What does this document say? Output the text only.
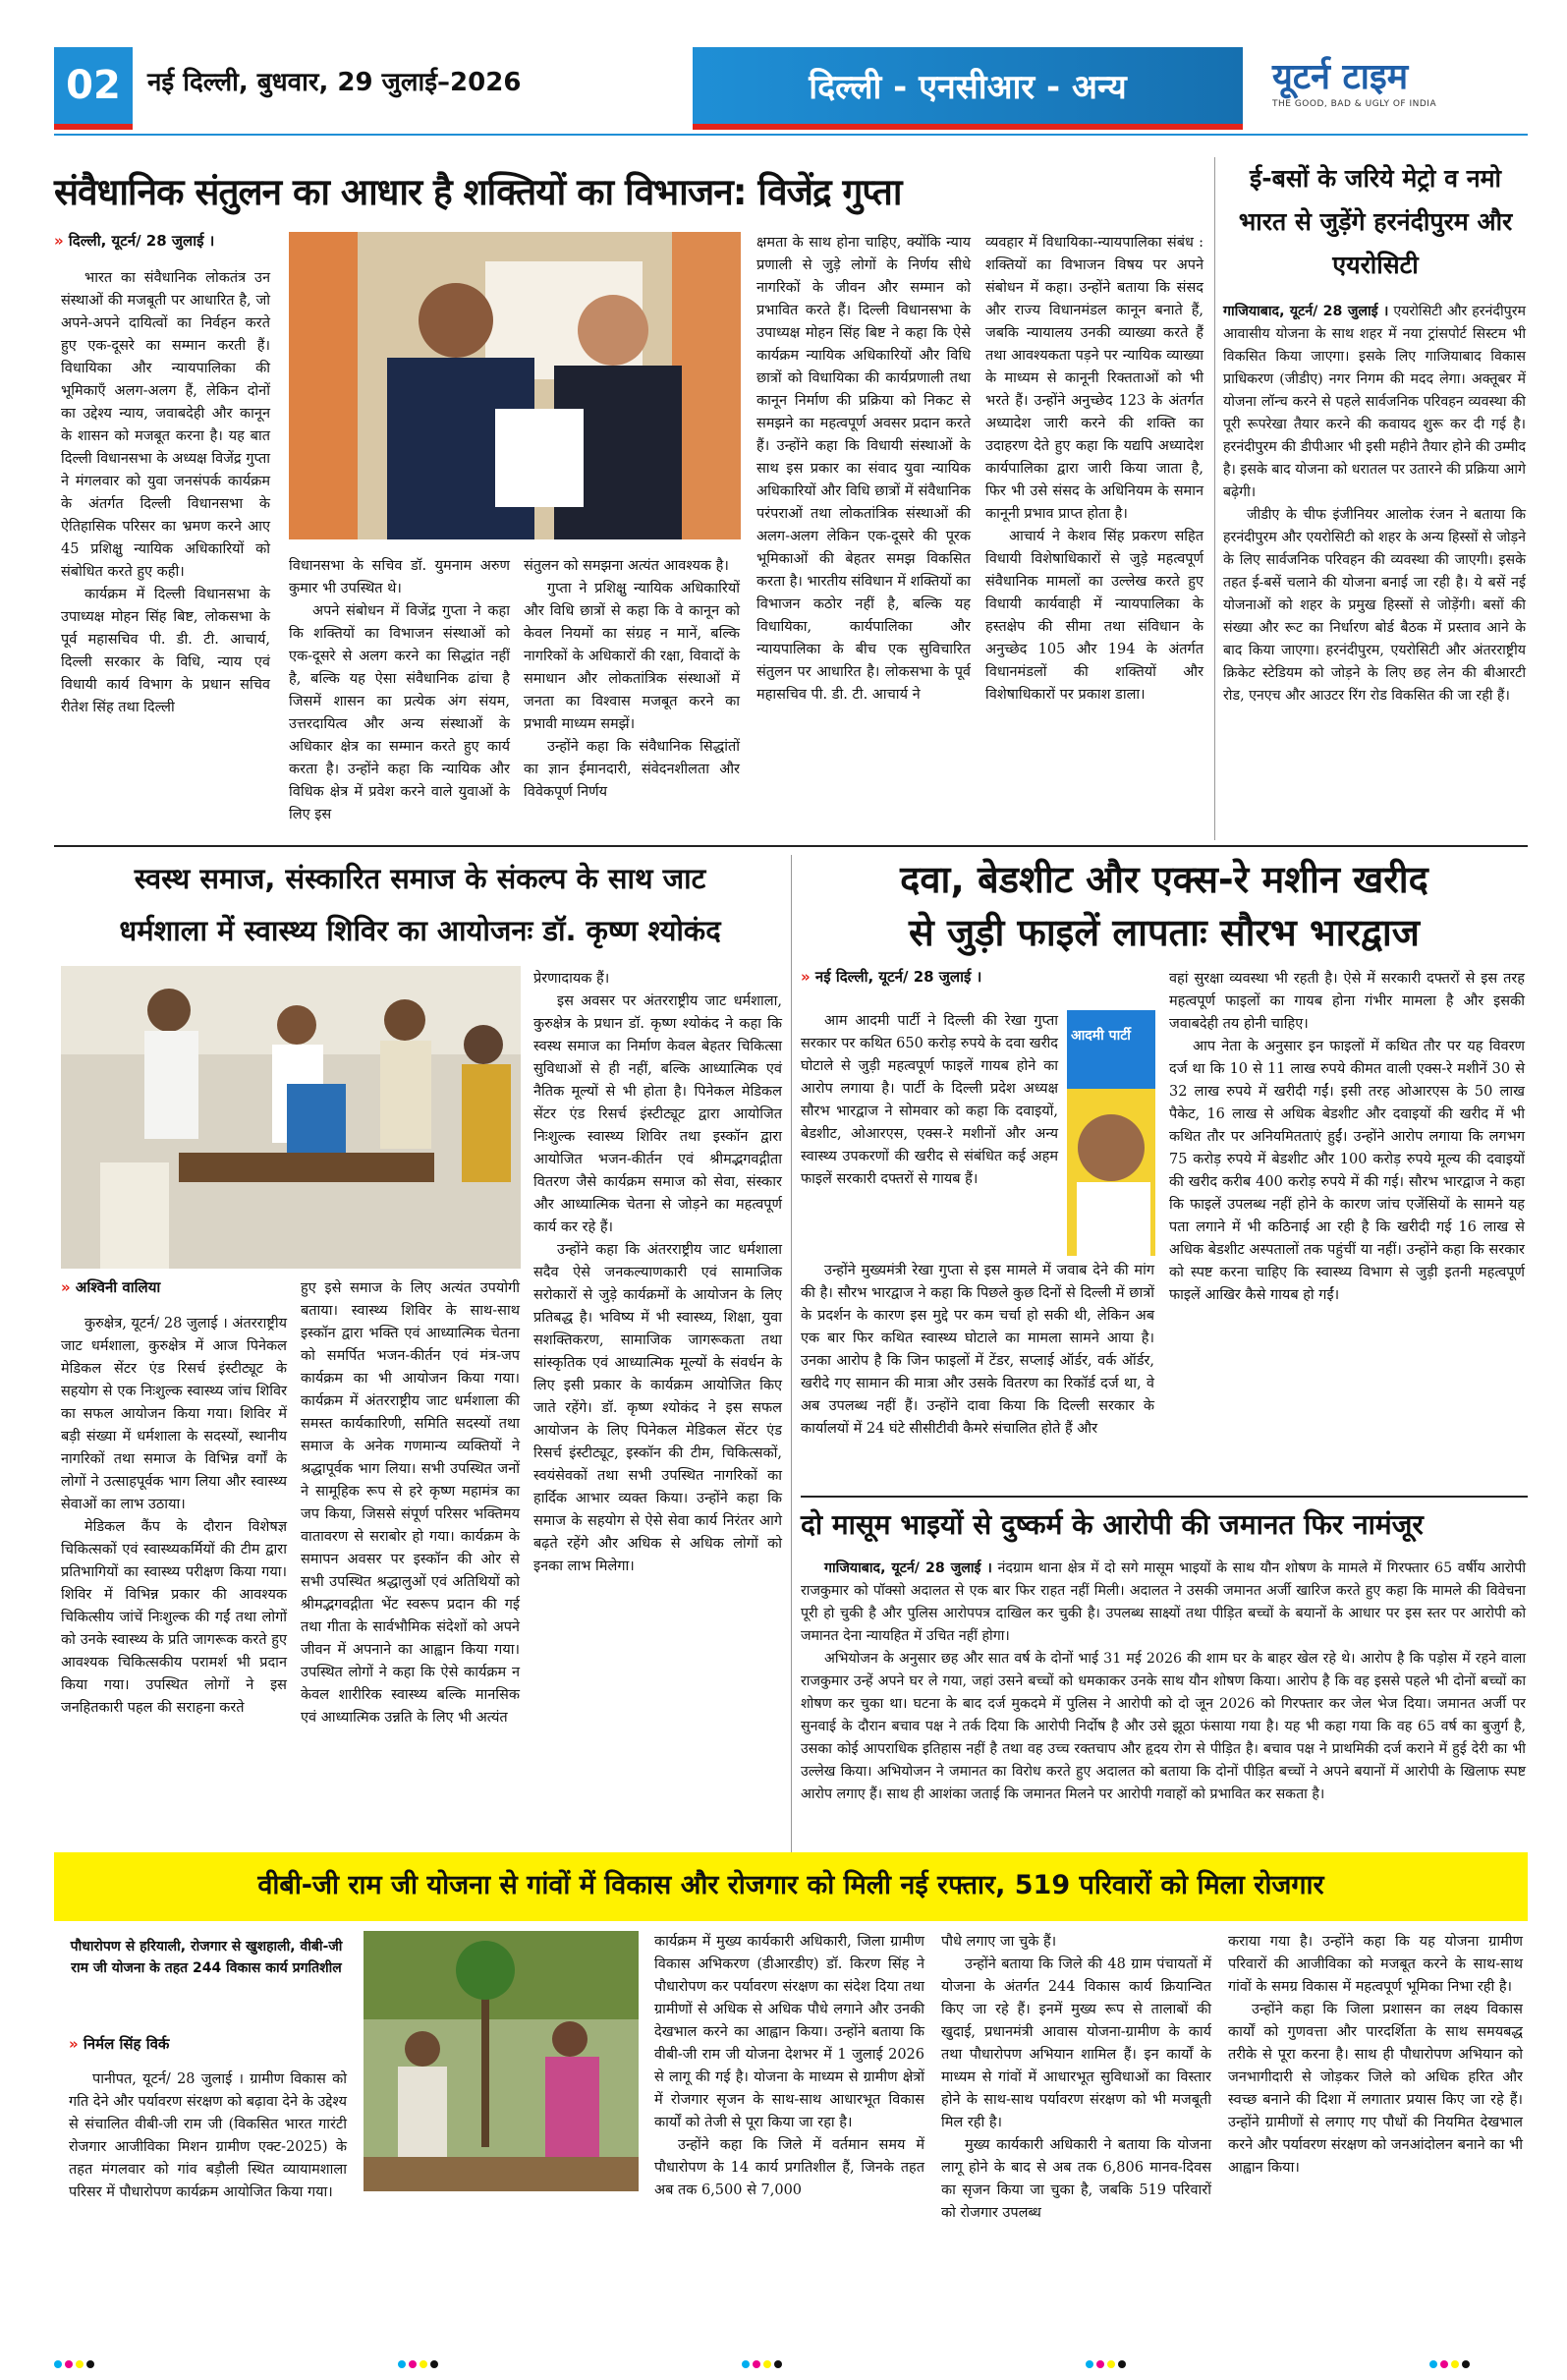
02	नई दिल्ली, बुधवार, 29 जुलाई–2026	दिल्ली - एनसीआर - अन्य	यूटर्न टाइम
THE GOOD, BAD & UGLY OF INDIA
संवैधानिक संतुलन का आधार है शक्तियों का विभाजन: विजेंद्र गुप्ता
» दिल्ली, यूटर्न/ 28 जुलाई ।

भारत का संवैधानिक लोकतंत्र उन संस्थाओं की मजबूती पर आधारित है, जो अपने-अपने दायित्वों का निर्वहन करते हुए एक-दूसरे का सम्मान करती हैं। विधायिका और न्यायपालिका की भूमिकाएँ अलग-अलग हैं, लेकिन दोनों का उद्देश्य न्याय, जवाबदेही और कानून के शासन को मजबूत करना है। यह बात दिल्ली विधानसभा के अध्यक्ष विजेंद्र गुप्ता ने मंगलवार को युवा जनसंपर्क कार्यक्रम के अंतर्गत दिल्ली विधानसभा के ऐतिहासिक परिसर का भ्रमण करने आए 45 प्रशिक्षु न्यायिक अधिकारियों को संबोधित करते हुए कही।

कार्यक्रम में दिल्ली विधानसभा के उपाध्यक्ष मोहन सिंह बिष्ट, लोकसभा के पूर्व महासचिव पी. डी. टी. आचार्य, दिल्ली सरकार के विधि, न्याय एवं विधायी कार्य विभाग के प्रधान सचिव रीतेश सिंह तथा दिल्ली

विधानसभा के सचिव डॉ. युमनाम अरुण कुमार भी उपस्थित थे।

अपने संबोधन में विजेंद्र गुप्ता ने कहा कि शक्तियों का विभाजन संस्थाओं को एक-दूसरे से अलग करने का सिद्धांत नहीं है, बल्कि यह ऐसा संवैधानिक ढांचा है जिसमें शासन का प्रत्येक अंग संयम, उत्तरदायित्व और अन्य संस्थाओं के अधिकार क्षेत्र का सम्मान करते हुए कार्य करता है। उन्होंने कहा कि न्यायिक और विधिक क्षेत्र में प्रवेश करने वाले युवाओं के लिए इस

संतुलन को समझना अत्यंत आवश्यक है।

गुप्ता ने प्रशिक्षु न्यायिक अधिकारियों और विधि छात्रों से कहा कि वे कानून को केवल नियमों का संग्रह न मानें, बल्कि नागरिकों के अधिकारों की रक्षा, विवादों के समाधान और लोकतांत्रिक संस्थाओं में जनता का विश्वास मजबूत करने का प्रभावी माध्यम समझें।

उन्होंने कहा कि संवैधानिक सिद्धांतों का ज्ञान ईमानदारी, संवेदनशीलता और विवेकपूर्ण निर्णय

क्षमता के साथ होना चाहिए, क्योंकि न्याय प्रणाली से जुड़े लोगों के निर्णय सीधे नागरिकों के जीवन और सम्मान को प्रभावित करते हैं। दिल्ली विधानसभा के उपाध्यक्ष मोहन सिंह बिष्ट ने कहा कि ऐसे कार्यक्रम न्यायिक अधिकारियों और विधि छात्रों को विधायिका की कार्यप्रणाली तथा कानून निर्माण की प्रक्रिया को निकट से समझने का महत्वपूर्ण अवसर प्रदान करते हैं। उन्होंने कहा कि विधायी संस्थाओं के साथ इस प्रकार का संवाद युवा न्यायिक अधिकारियों और विधि छात्रों में संवैधानिक परंपराओं तथा लोकतांत्रिक संस्थाओं की अलग-अलग लेकिन एक-दूसरे की पूरक भूमिकाओं की बेहतर समझ विकसित करता है। भारतीय संविधान में शक्तियों का विभाजन कठोर नहीं है, बल्कि यह विधायिका, कार्यपालिका और न्यायपालिका के बीच एक सुविचारित संतुलन पर आधारित है। लोकसभा के पूर्व महासचिव पी. डी. टी. आचार्य ने

व्यवहार में विधायिका-न्यायपालिका संबंध : शक्तियों का विभाजन विषय पर अपने संबोधन में कहा। उन्होंने बताया कि संसद और राज्य विधानमंडल कानून बनाते हैं, जबकि न्यायालय उनकी व्याख्या करते हैं तथा आवश्यकता पड़ने पर न्यायिक व्याख्या के माध्यम से कानूनी रिक्तताओं को भी भरते हैं। उन्होंने अनुच्छेद 123 के अंतर्गत अध्यादेश जारी करने की शक्ति का उदाहरण देते हुए कहा कि यद्यपि अध्यादेश कार्यपालिका द्वारा जारी किया जाता है, फिर भी उसे संसद के अधिनियम के समान कानूनी प्रभाव प्राप्त होता है।

आचार्य ने केशव सिंह प्रकरण सहित विधायी विशेषाधिकारों से जुड़े महत्वपूर्ण संवैधानिक मामलों का उल्लेख करते हुए विधायी कार्यवाही में न्यायपालिका के हस्तक्षेप की सीमा तथा संविधान के अनुच्छेद 105 और 194 के अंतर्गत विधानमंडलों की शक्तियों और विशेषाधिकारों पर प्रकाश डाला।

ई-बसों के जरिये मेट्रो व नमो भारत से जुड़ेंगे हरनंदीपुरम और एयरोसिटी

गाजियाबाद, यूटर्न/ 28 जुलाई । एयरोसिटी और हरनंदीपुरम आवासीय योजना के साथ शहर में नया ट्रांसपोर्ट सिस्टम भी विकसित किया जाएगा। इसके लिए गाजियाबाद विकास प्राधिकरण (जीडीए) नगर निगम की मदद लेगा। अक्तूबर में योजना लॉन्च करने से पहले सार्वजनिक परिवहन व्यवस्था की पूरी रूपरेखा तैयार करने की कवायद शुरू कर दी गई है। हरनंदीपुरम की डीपीआर भी इसी महीने तैयार होने की उम्मीद है। इसके बाद योजना को धरातल पर उतारने की प्रक्रिया आगे बढ़ेगी।

जीडीए के चीफ इंजीनियर आलोक रंजन ने बताया कि हरनंदीपुरम और एयरोसिटी को शहर के अन्य हिस्सों से जोड़ने के लिए सार्वजनिक परिवहन की व्यवस्था की जाएगी। इसके तहत ई-बसें चलाने की योजना बनाई जा रही है। ये बसें नई योजनाओं को शहर के प्रमुख हिस्सों से जोड़ेंगी। बसों की संख्या और रूट का निर्धारण बोर्ड बैठक में प्रस्ताव आने के बाद किया जाएगा। हरनंदीपुरम, एयरोसिटी और अंतरराष्ट्रीय क्रिकेट स्टेडियम को जोड़ने के लिए छह लेन की बीआरटी रोड, एनएच और आउटर रिंग रोड विकसित की जा रही हैं।

स्वस्थ समाज, संस्कारित समाज के संकल्प के साथ जाट
धर्मशाला में स्वास्थ्य शिविर का आयोजनः डॉ. कृष्ण श्योकंद
» अश्विनी वालिया

कुरुक्षेत्र, यूटर्न/ 28 जुलाई । अंतरराष्ट्रीय जाट धर्मशाला, कुरुक्षेत्र में आज पिनेकल मेडिकल सेंटर एंड रिसर्च इंस्टीट्यूट के सहयोग से एक निःशुल्क स्वास्थ्य जांच शिविर का सफल आयोजन किया गया। शिविर में बड़ी संख्या में धर्मशाला के सदस्यों, स्थानीय नागरिकों तथा समाज के विभिन्न वर्गों के लोगों ने उत्साहपूर्वक भाग लिया और स्वास्थ्य सेवाओं का लाभ उठाया।

मेडिकल कैंप के दौरान विशेषज्ञ चिकित्सकों एवं स्वास्थ्यकर्मियों की टीम द्वारा प्रतिभागियों का स्वास्थ्य परीक्षण किया गया। शिविर में विभिन्न प्रकार की आवश्यक चिकित्सीय जांचें निःशुल्क की गईं तथा लोगों को उनके स्वास्थ्य के प्रति जागरूक करते हुए आवश्यक चिकित्सकीय परामर्श भी प्रदान किया गया। उपस्थित लोगों ने इस जनहितकारी पहल की सराहना करते

हुए इसे समाज के लिए अत्यंत उपयोगी बताया। स्वास्थ्य शिविर के साथ-साथ इस्कॉन द्वारा भक्ति एवं आध्यात्मिक चेतना को समर्पित भजन-कीर्तन एवं मंत्र-जप कार्यक्रम का भी आयोजन किया गया। कार्यक्रम में अंतरराष्ट्रीय जाट धर्मशाला की समस्त कार्यकारिणी, समिति सदस्यों तथा समाज के अनेक गणमान्य व्यक्तियों ने श्रद्धापूर्वक भाग लिया। सभी उपस्थित जनों ने सामूहिक रूप से हरे कृष्ण महामंत्र का जप किया, जिससे संपूर्ण परिसर भक्तिमय वातावरण से सराबोर हो गया। कार्यक्रम के समापन अवसर पर इस्कॉन की ओर से सभी उपस्थित श्रद्धालुओं एवं अतिथियों को श्रीमद्भगवद्गीता भेंट स्वरूप प्रदान की गई तथा गीता के सार्वभौमिक संदेशों को अपने जीवन में अपनाने का आह्वान किया गया। उपस्थित लोगों ने कहा कि ऐसे कार्यक्रम न केवल शारीरिक स्वास्थ्य बल्कि मानसिक एवं आध्यात्मिक उन्नति के लिए भी अत्यंत

प्रेरणादायक हैं।

इस अवसर पर अंतरराष्ट्रीय जाट धर्मशाला, कुरुक्षेत्र के प्रधान डॉ. कृष्ण श्योकंद ने कहा कि स्वस्थ समाज का निर्माण केवल बेहतर चिकित्सा सुविधाओं से ही नहीं, बल्कि आध्यात्मिक एवं नैतिक मूल्यों से भी होता है। पिनेकल मेडिकल सेंटर एंड रिसर्च इंस्टीट्यूट द्वारा आयोजित निःशुल्क स्वास्थ्य शिविर तथा इस्कॉन द्वारा आयोजित भजन-कीर्तन एवं श्रीमद्भगवद्गीता वितरण जैसे कार्यक्रम समाज को सेवा, संस्कार और आध्यात्मिक चेतना से जोड़ने का महत्वपूर्ण कार्य कर रहे हैं।

उन्होंने कहा कि अंतरराष्ट्रीय जाट धर्मशाला सदैव ऐसे जनकल्याणकारी एवं सामाजिक सरोकारों से जुड़े कार्यक्रमों के आयोजन के लिए प्रतिबद्ध है। भविष्य में भी स्वास्थ्य, शिक्षा, युवा सशक्तिकरण, सामाजिक जागरूकता तथा सांस्कृतिक एवं आध्यात्मिक मूल्यों के संवर्धन के लिए इसी प्रकार के कार्यक्रम आयोजित किए जाते रहेंगे। डॉ. कृष्ण श्योकंद ने इस सफल आयोजन के लिए पिनेकल मेडिकल सेंटर एंड रिसर्च इंस्टीट्यूट, इस्कॉन की टीम, चिकित्सकों, स्वयंसेवकों तथा सभी उपस्थित नागरिकों का हार्दिक आभार व्यक्त किया। उन्होंने कहा कि समाज के सहयोग से ऐसे सेवा कार्य निरंतर आगे बढ़ते रहेंगे और अधिक से अधिक लोगों को इनका लाभ मिलेगा।

दवा, बेडशीट और एक्स-रे मशीन खरीद
से जुड़ी फाइलें लापताः सौरभ भारद्वाज
» नई दिल्ली, यूटर्न/ 28 जुलाई ।

आम आदमी पार्टी ने दिल्ली की रेखा गुप्ता सरकार पर कथित 650 करोड़ रुपये के दवा खरीद घोटाले से जुड़ी महत्वपूर्ण फाइलें गायब होने का आरोप लगाया है। पार्टी के दिल्ली प्रदेश अध्यक्ष सौरभ भारद्वाज ने सोमवार को कहा कि दवाइयों, बेडशीट, ओआरएस, एक्स-रे मशीनों और अन्य स्वास्थ्य उपकरणों की खरीद से संबंधित कई अहम फाइलें सरकारी दफ्तरों से गायब हैं।

आदमी पार्टी

उन्होंने मुख्यमंत्री रेखा गुप्ता से इस मामले में जवाब देने की मांग की है। सौरभ भारद्वाज ने कहा कि पिछले कुछ दिनों से दिल्ली में छात्रों के प्रदर्शन के कारण इस मुद्दे पर कम चर्चा हो सकी थी, लेकिन अब एक बार फिर कथित स्वास्थ्य घोटाले का मामला सामने आया है। उनका आरोप है कि जिन फाइलों में टेंडर, सप्लाई ऑर्डर, वर्क ऑर्डर, खरीदे गए सामान की मात्रा और उसके वितरण का रिकॉर्ड दर्ज था, वे अब उपलब्ध नहीं हैं। उन्होंने दावा किया कि दिल्ली सरकार के कार्यालयों में 24 घंटे सीसीटीवी कैमरे संचालित होते हैं और

वहां सुरक्षा व्यवस्था भी रहती है। ऐसे में सरकारी दफ्तरों से इस तरह महत्वपूर्ण फाइलों का गायब होना गंभीर मामला है और इसकी जवाबदेही तय होनी चाहिए।

आप नेता के अनुसार इन फाइलों में कथित तौर पर यह विवरण दर्ज था कि 10 से 11 लाख रुपये कीमत वाली एक्स-रे मशीनें 30 से 32 लाख रुपये में खरीदी गईं। इसी तरह ओआरएस के 50 लाख पैकेट, 16 लाख से अधिक बेडशीट और दवाइयों की खरीद में भी कथित तौर पर अनियमितताएं हुईं। उन्होंने आरोप लगाया कि लगभग 75 करोड़ रुपये में बेडशीट और 100 करोड़ रुपये मूल्य की दवाइयों की खरीद करीब 400 करोड़ रुपये में की गई। सौरभ भारद्वाज ने कहा कि फाइलें उपलब्ध नहीं होने के कारण जांच एजेंसियों के सामने यह पता लगाने में भी कठिनाई आ रही है कि खरीदी गई 16 लाख से अधिक बेडशीट अस्पतालों तक पहुंचीं या नहीं। उन्होंने कहा कि सरकार को स्पष्ट करना चाहिए कि स्वास्थ्य विभाग से जुड़ी इतनी महत्वपूर्ण फाइलें आखिर कैसे गायब हो गईं।

दो मासूम भाइयों से दुष्कर्म के आरोपी की जमानत फिर नामंजूर

गाजियाबाद, यूटर्न/ 28 जुलाई । नंदग्राम थाना क्षेत्र में दो सगे मासूम भाइयों के साथ यौन शोषण के मामले में गिरफ्तार 65 वर्षीय आरोपी राजकुमार को पॉक्सो अदालत से एक बार फिर राहत नहीं मिली। अदालत ने उसकी जमानत अर्जी खारिज करते हुए कहा कि मामले की विवेचना पूरी हो चुकी है और पुलिस आरोपपत्र दाखिल कर चुकी है। उपलब्ध साक्ष्यों तथा पीड़ित बच्चों के बयानों के आधार पर इस स्तर पर आरोपी को जमानत देना न्यायहित में उचित नहीं होगा।

अभियोजन के अनुसार छह और सात वर्ष के दोनों भाई 31 मई 2026 की शाम घर के बाहर खेल रहे थे। आरोप है कि पड़ोस में रहने वाला राजकुमार उन्हें अपने घर ले गया, जहां उसने बच्चों को धमकाकर उनके साथ यौन शोषण किया। आरोप है कि वह इससे पहले भी दोनों बच्चों का शोषण कर चुका था। घटना के बाद दर्ज मुकदमे में पुलिस ने आरोपी को दो जून 2026 को गिरफ्तार कर जेल भेज दिया। जमानत अर्जी पर सुनवाई के दौरान बचाव पक्ष ने तर्क दिया कि आरोपी निर्दोष है और उसे झूठा फंसाया गया है। यह भी कहा गया कि वह 65 वर्ष का बुजुर्ग है, उसका कोई आपराधिक इतिहास नहीं है तथा वह उच्च रक्तचाप और हृदय रोग से पीड़ित है। बचाव पक्ष ने प्राथमिकी दर्ज कराने में हुई देरी का भी उल्लेख किया। अभियोजन ने जमानत का विरोध करते हुए अदालत को बताया कि दोनों पीड़ित बच्चों ने अपने बयानों में आरोपी के खिलाफ स्पष्ट आरोप लगाए हैं। साथ ही आशंका जताई कि जमानत मिलने पर आरोपी गवाहों को प्रभावित कर सकता है।

वीबी-जी राम जी योजना से गांवों में विकास और रोजगार को मिली नई रफ्तार, 519 परिवारों को मिला रोजगार
पौधारोपण से हरियाली, रोजगार से खुशहाली, वीबी-जी राम जी योजना के तहत 244 विकास कार्य प्रगतिशील
» निर्मल सिंह विर्क

पानीपत, यूटर्न/ 28 जुलाई । ग्रामीण विकास को गति देने और पर्यावरण संरक्षण को बढ़ावा देने के उद्देश्य से संचालित वीबी-जी राम जी (विकसित भारत गारंटी रोजगार आजीविका मिशन ग्रामीण एक्ट-2025) के तहत मंगलवार को गांव बड़ौली स्थित व्यायामशाला परिसर में पौधारोपण कार्यक्रम आयोजित किया गया।

कार्यक्रम में मुख्य कार्यकारी अधिकारी, जिला ग्रामीण विकास अभिकरण (डीआरडीए) डॉ. किरण सिंह ने पौधारोपण कर पर्यावरण संरक्षण का संदेश दिया तथा ग्रामीणों से अधिक से अधिक पौधे लगाने और उनकी देखभाल करने का आह्वान किया। उन्होंने बताया कि वीबी-जी राम जी योजना देशभर में 1 जुलाई 2026 से लागू की गई है। योजना के माध्यम से ग्रामीण क्षेत्रों में रोजगार सृजन के साथ-साथ आधारभूत विकास कार्यों को तेजी से पूरा किया जा रहा है।

उन्होंने कहा कि जिले में वर्तमान समय में पौधारोपण के 14 कार्य प्रगतिशील हैं, जिनके तहत अब तक 6,500 से 7,000

पौधे लगाए जा चुके हैं।

उन्होंने बताया कि जिले की 48 ग्राम पंचायतों में योजना के अंतर्गत 244 विकास कार्य क्रियान्वित किए जा रहे हैं। इनमें मुख्य रूप से तालाबों की खुदाई, प्रधानमंत्री आवास योजना-ग्रामीण के कार्य तथा पौधारोपण अभियान शामिल हैं। इन कार्यों के माध्यम से गांवों में आधारभूत सुविधाओं का विस्तार होने के साथ-साथ पर्यावरण संरक्षण को भी मजबूती मिल रही है।

मुख्य कार्यकारी अधिकारी ने बताया कि योजना लागू होने के बाद से अब तक 6,806 मानव-दिवस का सृजन किया जा चुका है, जबकि 519 परिवारों को रोजगार उपलब्ध

कराया गया है। उन्होंने कहा कि यह योजना ग्रामीण परिवारों की आजीविका को मजबूत करने के साथ-साथ गांवों के समग्र विकास में महत्वपूर्ण भूमिका निभा रही है।

उन्होंने कहा कि जिला प्रशासन का लक्ष्य विकास कार्यों को गुणवत्ता और पारदर्शिता के साथ समयबद्ध तरीके से पूरा करना है। साथ ही पौधारोपण अभियान को जनभागीदारी से जोड़कर जिले को अधिक हरित और स्वच्छ बनाने की दिशा में लगातार प्रयास किए जा रहे हैं। उन्होंने ग्रामीणों से लगाए गए पौधों की नियमित देखभाल करने और पर्यावरण संरक्षण को जनआंदोलन बनाने का भी आह्वान किया।
